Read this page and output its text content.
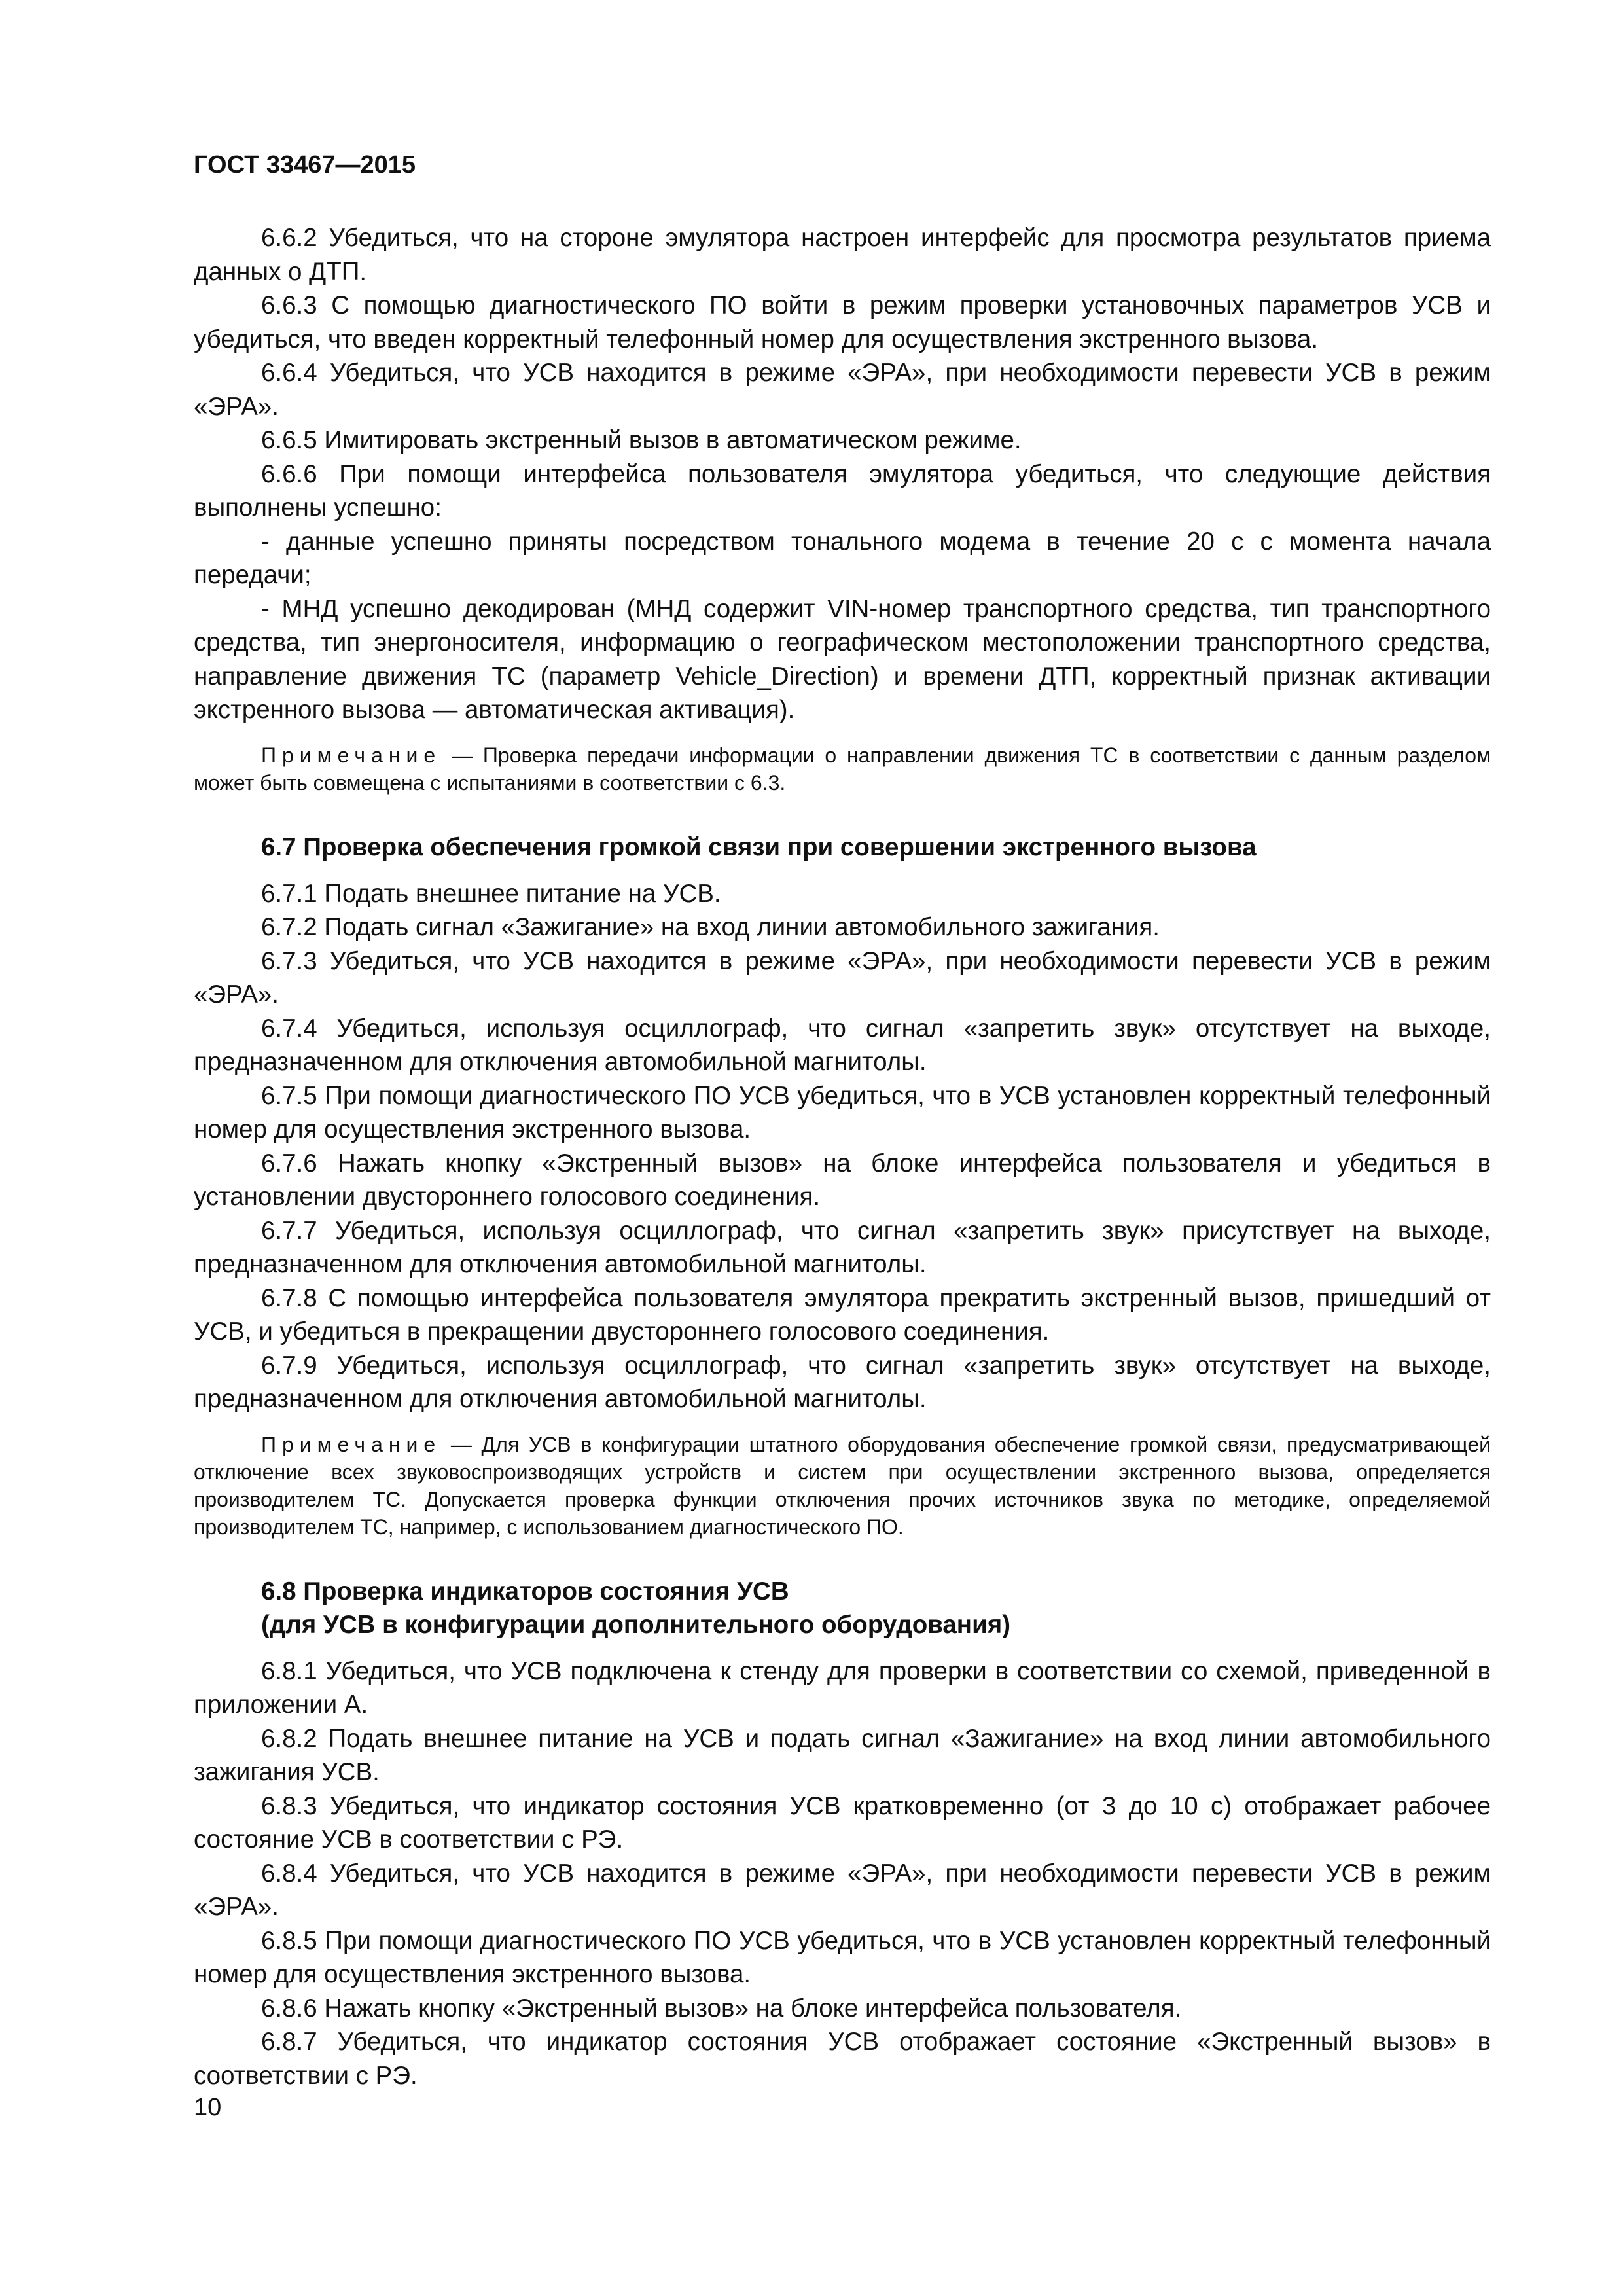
ГОСТ 33467—2015

6.6.2 Убедиться, что на стороне эмулятора настроен интерфейс для просмотра результатов приема данных о ДТП.

6.6.3 С помощью диагностического ПО войти в режим проверки установочных параметров УСВ и убедиться, что введен корректный телефонный номер для осуществления экстренного вызова.

6.6.4 Убедиться, что УСВ находится в режиме «ЭРА», при необходимости перевести УСВ в режим «ЭРА».

6.6.5 Имитировать экстренный вызов в автоматическом режиме.

6.6.6 При помощи интерфейса пользователя эмулятора убедиться, что следующие действия выполнены успешно:

- данные успешно приняты посредством тонального модема в течение 20 с с момента начала передачи;

- МНД успешно декодирован (МНД содержит VIN-номер транспортного средства, тип транспортного средства, тип энергоносителя, информацию о географическом местоположении транспортного средства, направление движения ТС (параметр Vehicle_Direction) и времени ДТП, корректный признак активации экстренного вызова — автоматическая активация).

Примечание — Проверка передачи информации о направлении движения ТС в соответствии с данным разделом может быть совмещена с испытаниями в соответствии с 6.3.

6.7 Проверка обеспечения громкой связи при совершении экстренного вызова

6.7.1 Подать внешнее питание на УСВ.

6.7.2 Подать сигнал «Зажигание» на вход линии автомобильного зажигания.

6.7.3 Убедиться, что УСВ находится в режиме «ЭРА», при необходимости перевести УСВ в режим «ЭРА».

6.7.4 Убедиться, используя осциллограф, что сигнал «запретить звук» отсутствует на выходе, предназначенном для отключения автомобильной магнитолы.

6.7.5 При помощи диагностического ПО УСВ убедиться, что в УСВ установлен корректный телефонный номер для осуществления экстренного вызова.

6.7.6 Нажать кнопку «Экстренный вызов» на блоке интерфейса пользователя и убедиться в установлении двустороннего голосового соединения.

6.7.7 Убедиться, используя осциллограф, что сигнал «запретить звук» присутствует на выходе, предназначенном для отключения автомобильной магнитолы.

6.7.8 С помощью интерфейса пользователя эмулятора прекратить экстренный вызов, пришедший от УСВ, и убедиться в прекращении двустороннего голосового соединения.

6.7.9 Убедиться, используя осциллограф, что сигнал «запретить звук» отсутствует на выходе, предназначенном для отключения автомобильной магнитолы.

Примечание — Для УСВ в конфигурации штатного оборудования обеспечение громкой связи, предусматривающей отключение всех звуковоспроизводящих устройств и систем при осуществлении экстренного вызова, определяется производителем ТС. Допускается проверка функции отключения прочих источников звука по методике, определяемой производителем ТС, например, с использованием диагностического ПО.

6.8 Проверка индикаторов состояния УСВ
(для УСВ в конфигурации дополнительного оборудования)

6.8.1 Убедиться, что УСВ подключена к стенду для проверки в соответствии со схемой, приведенной в приложении А.

6.8.2 Подать внешнее питание на УСВ и подать сигнал «Зажигание» на вход линии автомобильного зажигания УСВ.

6.8.3 Убедиться, что индикатор состояния УСВ кратковременно (от 3 до 10 с) отображает рабочее состояние УСВ в соответствии с РЭ.

6.8.4 Убедиться, что УСВ находится в режиме «ЭРА», при необходимости перевести УСВ в режим «ЭРА».

6.8.5 При помощи диагностического ПО УСВ убедиться, что в УСВ установлен корректный телефонный номер для осуществления экстренного вызова.

6.8.6 Нажать кнопку «Экстренный вызов» на блоке интерфейса пользователя.

6.8.7 Убедиться, что индикатор состояния УСВ отображает состояние «Экстренный вызов» в соответствии с РЭ.

10
